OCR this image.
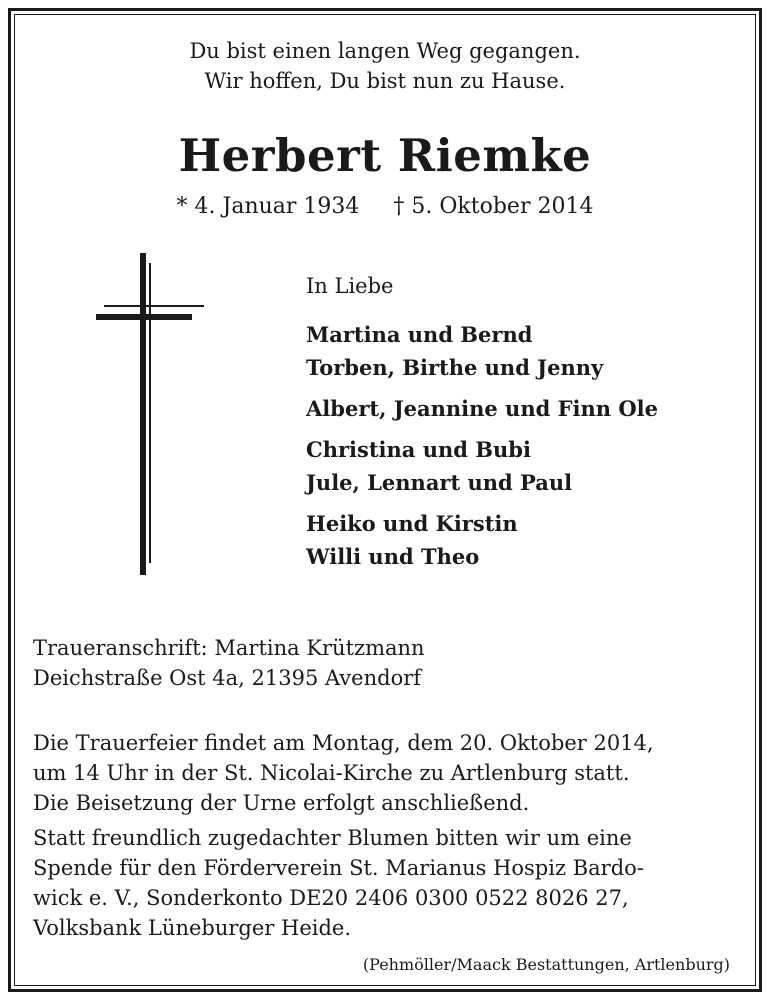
Du bist einen langen Weg gegangen.
Wir hoffen, Du bist nun zu Hause.
Herbert Riemke
* 4. Januar 1934 † 5. Oktober 2014
In Liebe
Martina und Bernd
Torben, Birthe und Jenny
Albert, Jeannine und Finn Ole
Christina und Bubi
Jule, Lennart und Paul
Heiko und Kirstin
Willi und Theo
Traueranschrift: Martina Krützmann
Deichstraße Ost 4a, 21395 Avendorf
Die Trauerfeier findet am Montag, dem 20. Oktober 2014,
um 14 Uhr in der St. Nicolai-Kirche zu Artlenburg statt.
Die Beisetzung der Urne erfolgt anschließend.
Statt freundlich zugedachter Blumen bitten wir um eine
Spende für den Förderverein St. Marianus Hospiz Bardo-
wick e. V., Sonderkonto DE20 2406 0300 0522 8026 27,
Volksbank Lüneburger Heide.
(Pehmöller/Maack Bestattungen, Artlenburg)
